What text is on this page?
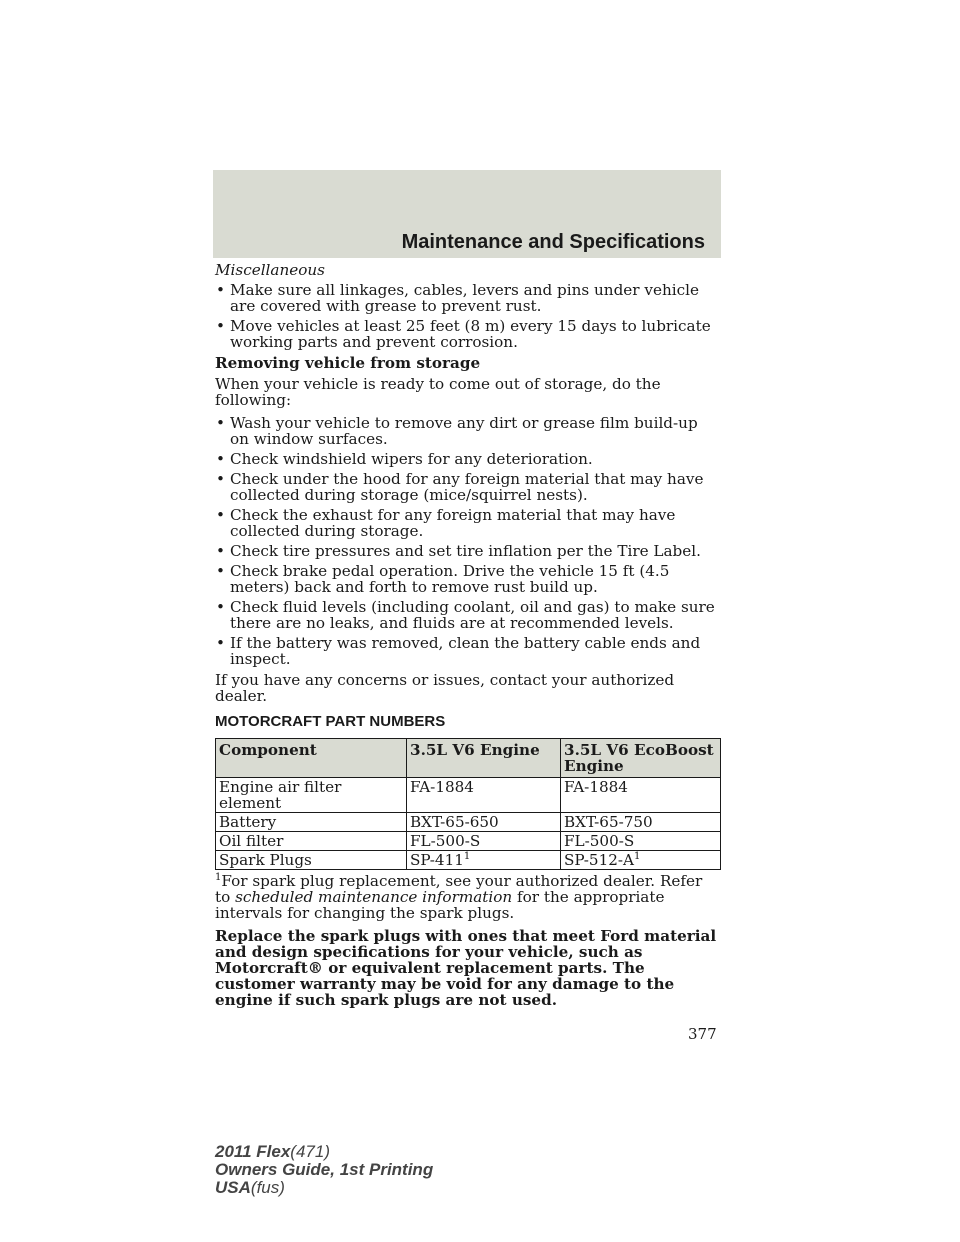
Maintenance and Specifications

Miscellaneous

• Make sure all linkages, cables, levers and pins under vehicle are covered with grease to prevent rust.
• Move vehicles at least 25 feet (8 m) every 15 days to lubricate working parts and prevent corrosion.

Removing vehicle from storage

When your vehicle is ready to come out of storage, do the following:

• Wash your vehicle to remove any dirt or grease film build-up on window surfaces.
• Check windshield wipers for any deterioration.
• Check under the hood for any foreign material that may have collected during storage (mice/squirrel nests).
• Check the exhaust for any foreign material that may have collected during storage.
• Check tire pressures and set tire inflation per the Tire Label.
• Check brake pedal operation. Drive the vehicle 15 ft (4.5 meters) back and forth to remove rust build up.
• Check fluid levels (including coolant, oil and gas) to make sure there are no leaks, and fluids are at recommended levels.
• If the battery was removed, clean the battery cable ends and inspect.

If you have any concerns or issues, contact your authorized dealer.

MOTORCRAFT PART NUMBERS

Component	3.5L V6 Engine	3.5L V6 EcoBoost Engine
Engine air filter element	FA-1884	FA-1884
Battery	BXT-65-650	BXT-65-750
Oil filter	FL-500-S	FL-500-S
Spark Plugs	$SP-411^1$	$SP-512-A^1$

$^1$For spark plug replacement, see your authorized dealer. Refer to scheduled maintenance information for the appropriate intervals for changing the spark plugs.

Replace the spark plugs with ones that meet Ford material and design specifications for your vehicle, such as Motorcraft® or equivalent replacement parts. The customer warranty may be void for any damage to the engine if such spark plugs are not used.

377
2011 Flex(471)
Owners Guide, 1st Printing
USA(fus)
